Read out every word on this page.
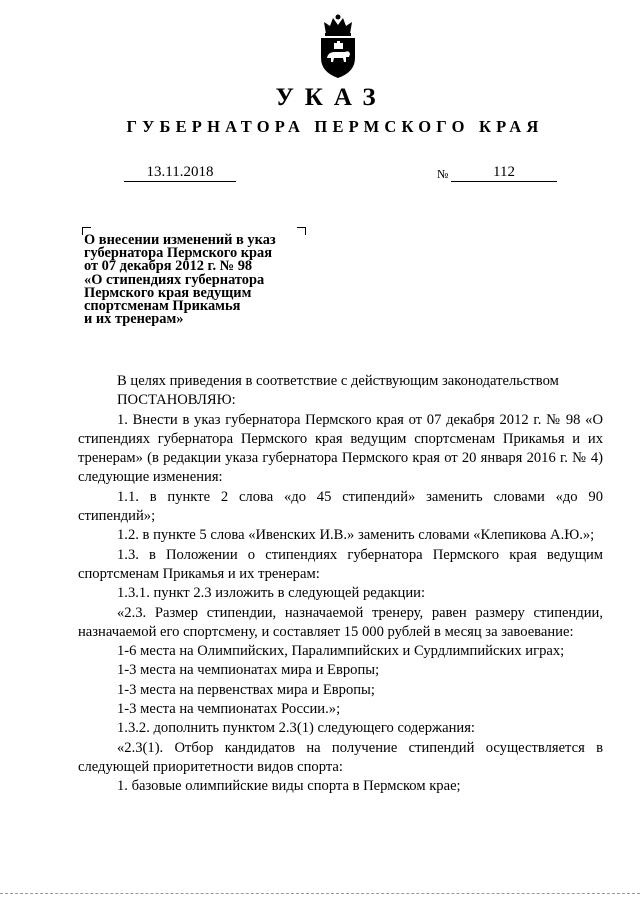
УКАЗ
ГУБЕРНАТОРА ПЕРМСКОГО КРАЯ
13.11.2018	№	112
О внесении изменений в указ
губернатора Пермского края
от 07 декабря 2012 г. № 98
«О стипендиях губернатора
Пермского края ведущим
спортсменам Прикамья
и их тренерам»

В целях приведения в соответствие с действующим законодательством

ПОСТАНОВЛЯЮ:

1. Внести в указ губернатора Пермского края от 07 декабря 2012 г. № 98 «О стипендиях губернатора Пермского края ведущим спортсменам Прикамья и их тренерам» (в редакции указа губернатора Пермского края от 20 января 2016 г. № 4) следующие изменения:

1.1. в пункте 2 слова «до 45 стипендий» заменить словами «до 90 стипендий»;

1.2. в пункте 5 слова «Ивенских И.В.» заменить словами «Клепикова А.Ю.»;

1.3. в Положении о стипендиях губернатора Пермского края ведущим спортсменам Прикамья и их тренерам:

1.3.1. пункт 2.3 изложить в следующей редакции:

«2.3. Размер стипендии, назначаемой тренеру, равен размеру стипендии, назначаемой его спортсмену, и составляет 15 000 рублей в месяц за завоевание:

1-6 места на Олимпийских, Паралимпийских и Сурдлимпийских играх;

1-3 места на чемпионатах мира и Европы;

1-3 места на первенствах мира и Европы;

1-3 места на чемпионатах России.»;

1.3.2. дополнить пунктом 2.3(1) следующего содержания:

«2.3(1). Отбор кандидатов на получение стипендий осуществляется в следующей приоритетности видов спорта:

1. базовые олимпийские виды спорта в Пермском крае;
